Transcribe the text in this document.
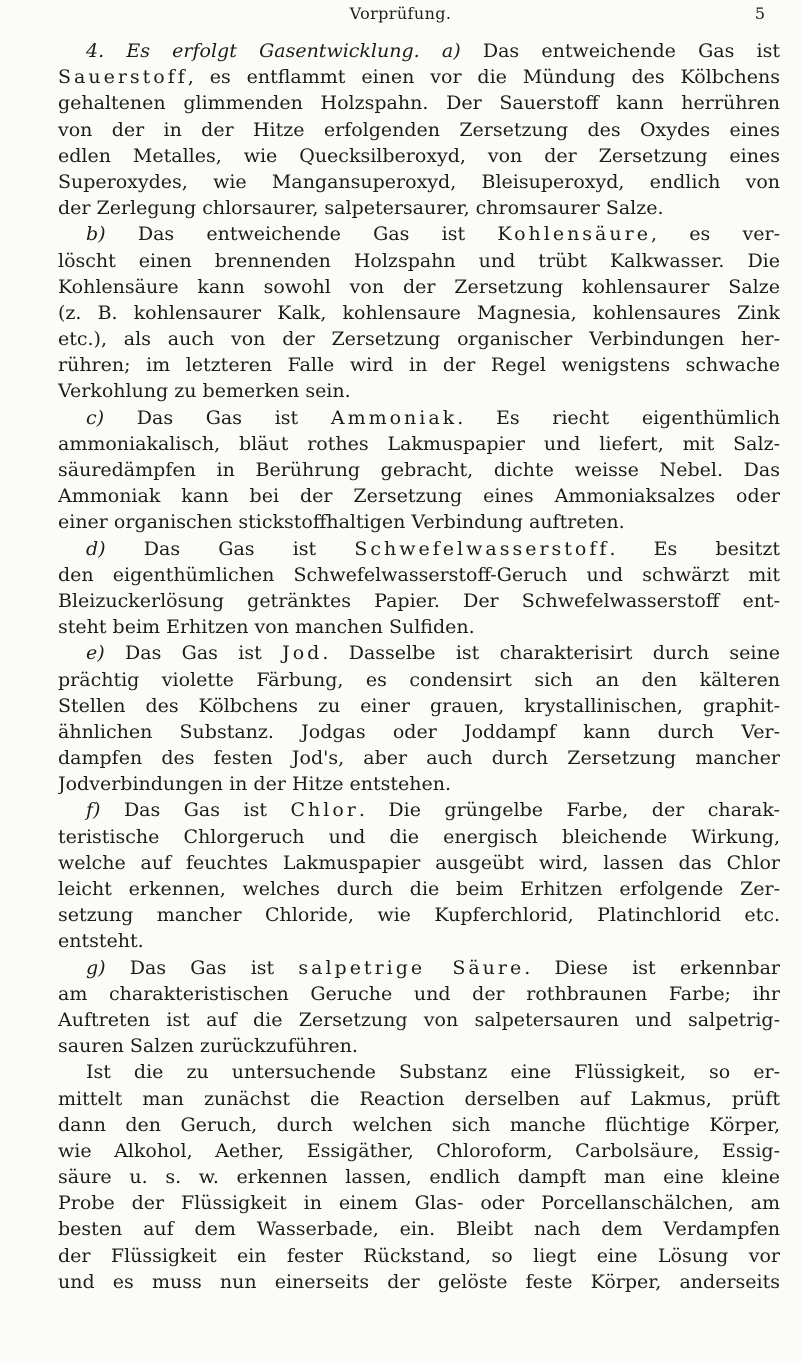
Vorprüfung.	5
4. Es erfolgt Gasentwicklung. a) Das entweichende Gas ist
Sauerstoff, es entflammt einen vor die Mündung des Kölbchens
gehaltenen glimmenden Holzspahn. Der Sauerstoff kann herrühren
von der in der Hitze erfolgenden Zersetzung des Oxydes eines
edlen Metalles, wie Quecksilberoxyd, von der Zersetzung eines
Superoxydes, wie Mangansuperoxyd, Bleisuperoxyd, endlich von
der Zerlegung chlorsaurer, salpetersaurer, chromsaurer Salze.
b) Das entweichende Gas ist Kohlensäure, es ver-
löscht einen brennenden Holzspahn und trübt Kalkwasser. Die
Kohlensäure kann sowohl von der Zersetzung kohlensaurer Salze
(z. B. kohlensaurer Kalk, kohlensaure Magnesia, kohlensaures Zink
etc.), als auch von der Zersetzung organischer Verbindungen her-
rühren; im letzteren Falle wird in der Regel wenigstens schwache
Verkohlung zu bemerken sein.
c) Das Gas ist Ammoniak. Es riecht eigenthümlich
ammoniakalisch, bläut rothes Lakmuspapier und liefert, mit Salz-
säuredämpfen in Berührung gebracht, dichte weisse Nebel. Das
Ammoniak kann bei der Zersetzung eines Ammoniaksalzes oder
einer organischen stickstoffhaltigen Verbindung auftreten.
d) Das Gas ist Schwefelwasserstoff. Es besitzt
den eigenthümlichen Schwefelwasserstoff-Geruch und schwärzt mit
Bleizuckerlösung getränktes Papier. Der Schwefelwasserstoff ent-
steht beim Erhitzen von manchen Sulfiden.
e) Das Gas ist Jod. Dasselbe ist charakterisirt durch seine
prächtig violette Färbung, es condensirt sich an den kälteren
Stellen des Kölbchens zu einer grauen, krystallinischen, graphit-
ähnlichen Substanz. Jodgas oder Joddampf kann durch Ver-
dampfen des festen Jod's, aber auch durch Zersetzung mancher
Jodverbindungen in der Hitze entstehen.
f) Das Gas ist Chlor. Die grüngelbe Farbe, der charak-
teristische Chlorgeruch und die energisch bleichende Wirkung,
welche auf feuchtes Lakmuspapier ausgeübt wird, lassen das Chlor
leicht erkennen, welches durch die beim Erhitzen erfolgende Zer-
setzung mancher Chloride, wie Kupferchlorid, Platinchlorid etc.
entsteht.
g) Das Gas ist salpetrige Säure. Diese ist erkennbar
am charakteristischen Geruche und der rothbraunen Farbe; ihr
Auftreten ist auf die Zersetzung von salpetersauren und salpetrig-
sauren Salzen zurückzuführen.
Ist die zu untersuchende Substanz eine Flüssigkeit, so er-
mittelt man zunächst die Reaction derselben auf Lakmus, prüft
dann den Geruch, durch welchen sich manche flüchtige Körper,
wie Alkohol, Aether, Essigäther, Chloroform, Carbolsäure, Essig-
säure u. s. w. erkennen lassen, endlich dampft man eine kleine
Probe der Flüssigkeit in einem Glas- oder Porcellanschälchen, am
besten auf dem Wasserbade, ein. Bleibt nach dem Verdampfen
der Flüssigkeit ein fester Rückstand, so liegt eine Lösung vor
und es muss nun einerseits der gelöste feste Körper, anderseits
